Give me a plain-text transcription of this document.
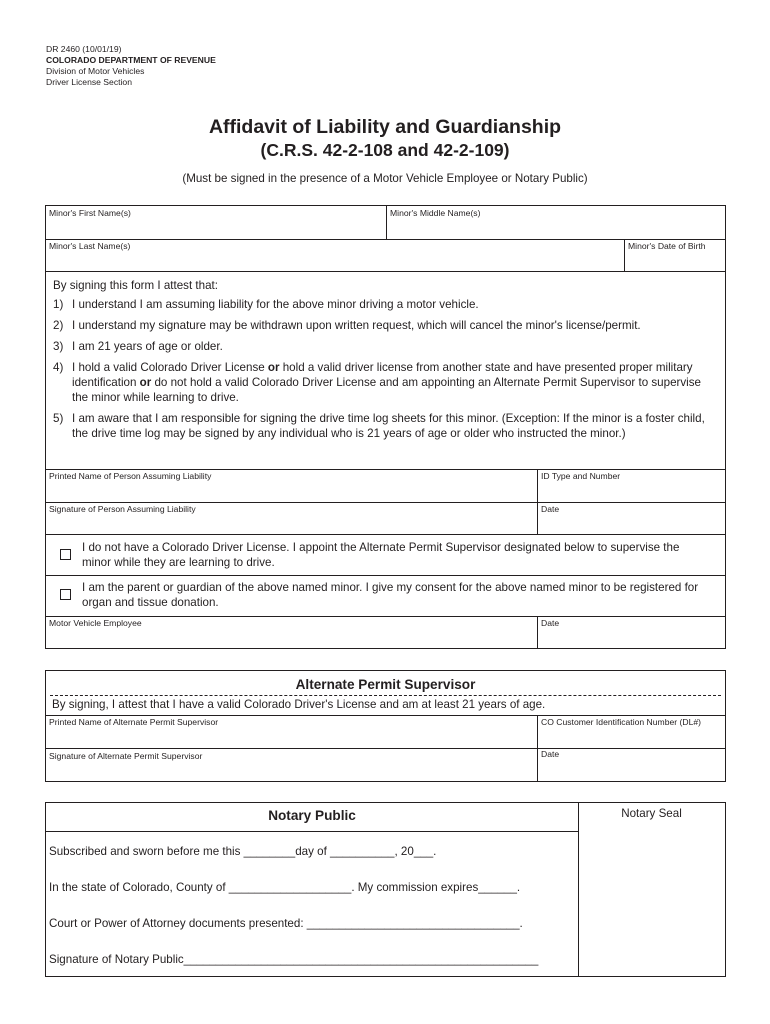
DR 2460 (10/01/19)
COLORADO DEPARTMENT OF REVENUE
Division of Motor Vehicles
Driver License Section
Affidavit of Liability and Guardianship
(C.R.S. 42-2-108 and 42-2-109)
(Must be signed in the presence of a Motor Vehicle Employee or Notary Public)
Minor's First Name(s)	Minor's Middle Name(s)
Minor's Last Name(s)	Minor's Date of Birth
By signing this form I attest that:
1) I understand I am assuming liability for the above minor driving a motor vehicle.
2) I understand my signature may be withdrawn upon written request, which will cancel the minor's license/permit.
3) I am 21 years of age or older.
4) I hold a valid Colorado Driver License or hold a valid driver license from another state and have presented proper military identification or do not hold a valid Colorado Driver License and am appointing an Alternate Permit Supervisor to supervise the minor while learning to drive.
5) I am aware that I am responsible for signing the drive time log sheets for this minor. (Exception: If the minor is a foster child, the drive time log may be signed by any individual who is 21 years of age or older who instructed the minor.)
Printed Name of Person Assuming Liability	ID Type and Number
Signature of Person Assuming Liability	Date
I do not have a Colorado Driver License. I appoint the Alternate Permit Supervisor designated below to supervise the minor while they are learning to drive.
I am the parent or guardian of the above named minor. I give my consent for the above named minor to be registered for organ and tissue donation.
Motor Vehicle Employee	Date
Alternate Permit Supervisor
By signing, I attest that I have a valid Colorado Driver's License and am at least 21 years of age.
Printed Name of Alternate Permit Supervisor	CO Customer Identification Number (DL#)
Signature of Alternate Permit Supervisor	Date
Notary Public	Notary Seal
Subscribed and sworn before me this ________day of __________, 20___.
In the state of Colorado, County of ___________________. My commission expires______.
Court or Power of Attorney documents presented: _________________________________.
Signature of Notary Public_______________________________________________________
